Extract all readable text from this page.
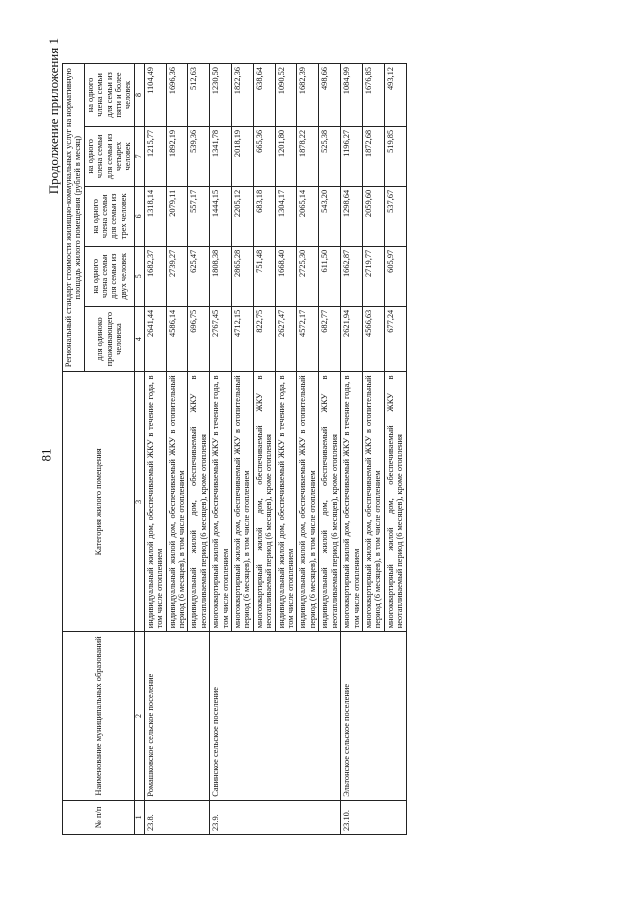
81
Продолжение приложения 1
№ п/п	Наименование муниципальных образований	Категория жилого помещения	Региональный стандарт стоимости жилищно-коммунальных услуг на нормативную площадь жилого помещения (рублей в месяц)				
			для одиноко проживающего человека	на одного члена семьи для семьи из двух человек	на одного члена семьи для семьи из трех человек	на одного члена семьи для семьи из четырех человек	на одного члена семьи для семьи из пяти и более человек
1	2	3	4	5	6	7	8
23.8.	Ромашковское сельское поселение	индивидуальный жилой дом, обеспечиваемый ЖКУ в течение года, в том числе отоплением	2641,44	1682,37	1318,14	1215,77	1104,49
		индивидуальный жилой дом, обеспечиваемый ЖКУ в отопительный период (6 месяцев), в том числе отоплением	4586,14	2739,27	2079,11	1892,19	1696,36
		индивидуальный жилой дом, обеспечиваемый ЖКУ в неотапливаемый период (6 месяцев), кроме отопления	696,75	625,47	557,17	539,36	512,63
23.9.	Савинское сельское поселение	многоквартирный жилой дом, обеспечиваемый ЖКУ в течение года, в том числе отоплением	2767,45	1808,38	1444,15	1341,78	1230,50
		многоквартирный жилой дом, обеспечиваемый ЖКУ в отопительный период (6 месяцев), в том числе отоплением	4712,15	2865,28	2205,12	2018,19	1822,36
		многоквартирный жилой дом, обеспечиваемый ЖКУ в неотапливаемый период (6 месяцев), кроме отопления	822,75	751,48	683,18	665,36	638,64
		индивидуальный жилой дом, обеспечиваемый ЖКУ в течение года, в том числе отоплением	2627,47	1668,40	1304,17	1201,80	1090,52
		индивидуальный жилой дом, обеспечиваемый ЖКУ в отопительный период (6 месяцев), в том числе отоплением	4572,17	2725,30	2065,14	1878,22	1682,39
		индивидуальный жилой дом, обеспечиваемый ЖКУ в неотапливаемый период (6 месяцев), кроме отопления	682,77	611,50	543,20	525,38	498,66
23.10.	Эльтонское сельское поселение	многоквартирный жилой дом, обеспечиваемый ЖКУ в течение года, в том числе отоплением	2621,94	1662,87	1298,64	1196,27	1084,99
		многоквартирный жилой дом, обеспечиваемый ЖКУ в отопительный период (6 месяцев), в том числе отоплением	4566,63	2719,77	2059,60	1872,68	1676,85
		многоквартирный жилой дом, обеспечиваемый ЖКУ в неотапливаемый период (6 месяцев), кроме отопления	677,24	605,97	537,67	519,85	493,12
